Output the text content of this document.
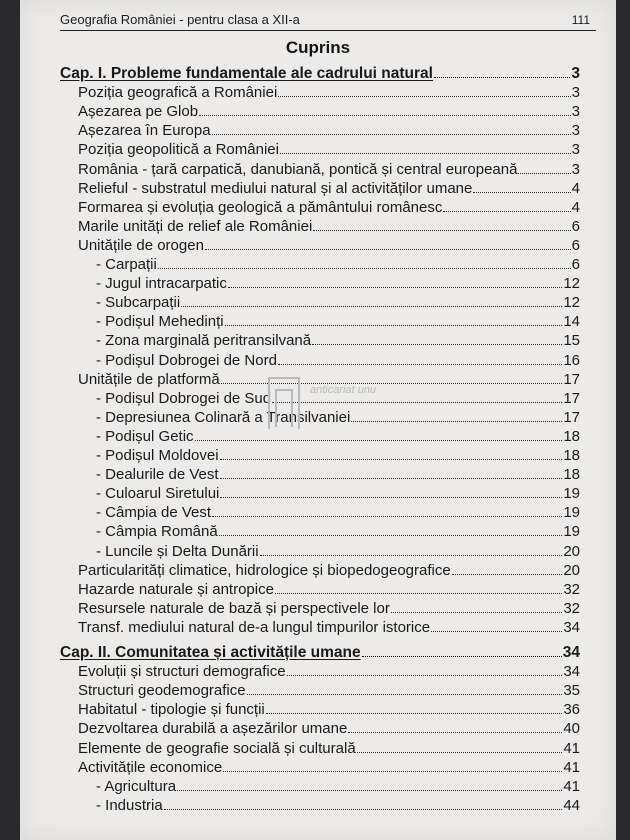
Geografia României - pentru clasa a XII-a	111
Cuprins
Cap. I. Probleme fundamentale ale cadrului natural	3
Poziția geografică a României	3
Așezarea pe Glob	3
Așezarea în Europa	3
Poziția geopolitică a României	3
România - țară carpatică, danubiană, pontică și central europeană	3
Relieful - substratul mediului natural și al activităților umane	4
Formarea și evoluția geologică a pământului românesc	4
Marile unități de relief ale României	6
Unitățile de orogen	6
- Carpații	6
- Jugul intracarpatic	12
- Subcarpații	12
- Podișul Mehedinți	14
- Zona marginală peritransilvană	15
- Podișul Dobrogei de Nord	16
Unitățile de platformă	17
- Podișul Dobrogei de Sud	17
- Depresiunea Colinară a Transilvaniei	17
- Podișul Getic	18
- Podișul Moldovei	18
- Dealurile de Vest	18
- Culoarul Siretului	19
- Câmpia de Vest	19
- Câmpia Română	19
- Luncile și Delta Dunării	20
Particularități climatice, hidrologice și biopedogeografice	20
Hazarde naturale și antropice	32
Resursele naturale de bază și perspectivele lor	32
Transf. mediului natural de-a lungul timpurilor istorice	34
Cap. II. Comunitatea și activitățile umane	34
Evoluții și structuri demografice	34
Structuri geodemografice	35
Habitatul - tipologie și funcții	36
Dezvoltarea durabilă a așezărilor umane	40
Elemente de geografie socială și culturală	41
Activitățile economice	41
- Agricultura	41
- Industria	44
anticariat unu
